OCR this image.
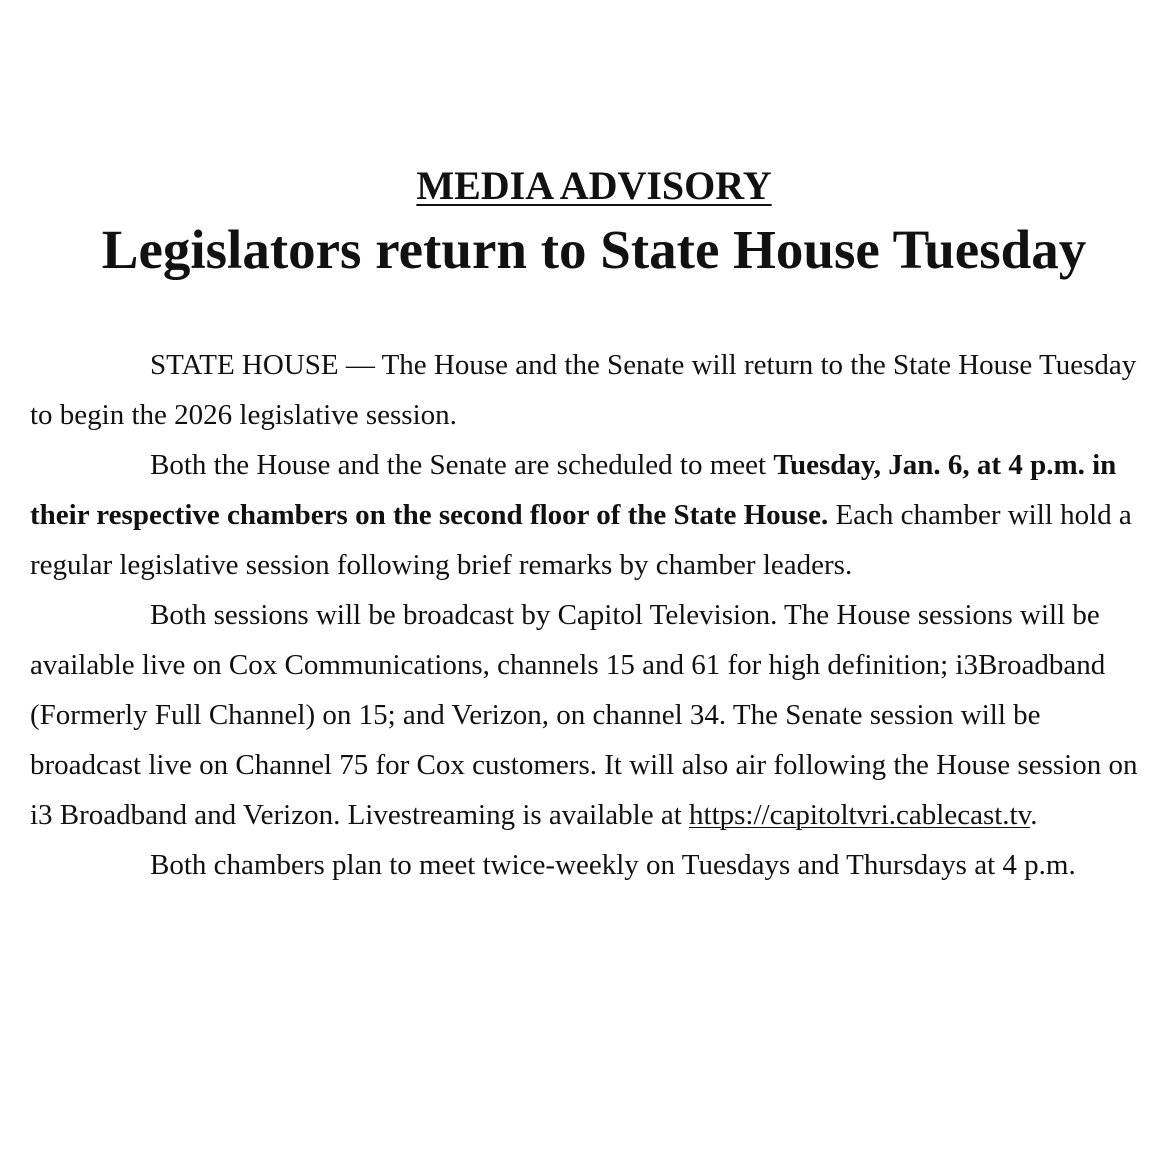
MEDIA ADVISORY
Legislators return to State House Tuesday

STATE HOUSE — The House and the Senate will return to the State House Tuesday to begin the 2026 legislative session.

Both the House and the Senate are scheduled to meet Tuesday, Jan. 6, at 4 p.m. in their respective chambers on the second floor of the State House. Each chamber will hold a regular legislative session following brief remarks by chamber leaders.

Both sessions will be broadcast by Capitol Television. The House sessions will be available live on Cox Communications, channels 15 and 61 for high definition; i3Broadband (Formerly Full Channel) on 15; and Verizon, on channel 34. The Senate session will be broadcast live on Channel 75 for Cox customers. It will also air following the House session on i3 Broadband and Verizon. Livestreaming is available at https://capitoltvri.cablecast.tv.

Both chambers plan to meet twice-weekly on Tuesdays and Thursdays at 4 p.m.
